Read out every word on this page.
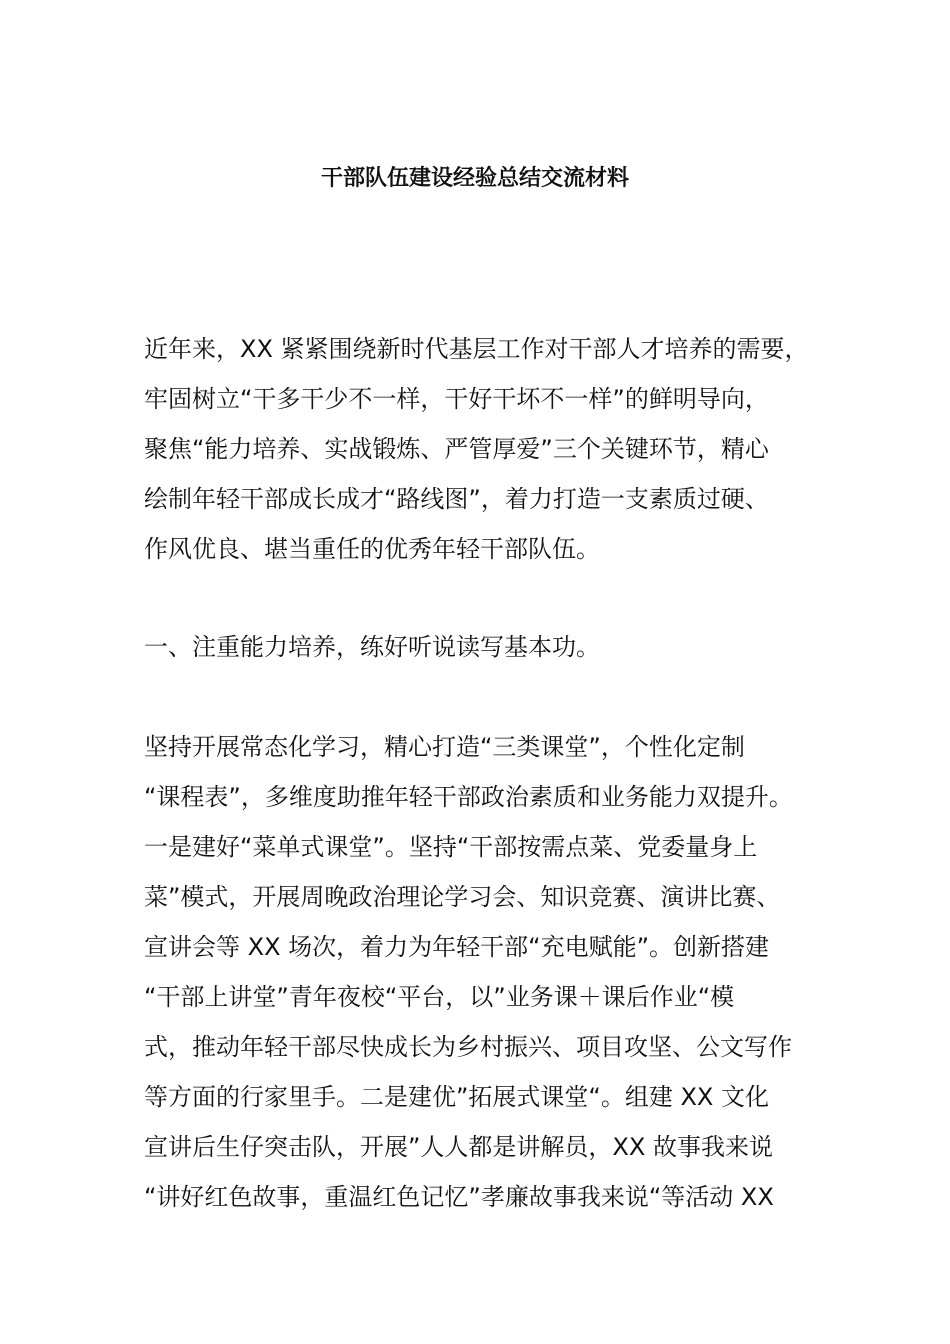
干部队伍建设经验总结交流材料
近年来，XX 紧紧围绕新时代基层工作对干部人才培养的需要，
牢固树立“干多干少不一样，干好干坏不一样”的鲜明导向，
聚焦“能力培养、实战锻炼、严管厚爱”三个关键环节，精心
绘制年轻干部成长成才“路线图”，着力打造一支素质过硬、
作风优良、堪当重任的优秀年轻干部队伍。
一、注重能力培养，练好听说读写基本功。
坚持开展常态化学习，精心打造“三类课堂”，个性化定制
“课程表”，多维度助推年轻干部政治素质和业务能力双提升。
一是建好“菜单式课堂”。坚持“干部按需点菜、党委量身上
菜”模式，开展周晚政治理论学习会、知识竞赛、演讲比赛、
宣讲会等 XX 场次，着力为年轻干部“充电赋能”。创新搭建
“干部上讲堂”青年夜校“平台，以”业务课＋课后作业“模
式，推动年轻干部尽快成长为乡村振兴、项目攻坚、公文写作
等方面的行家里手。二是建优”拓展式课堂“。组建 XX 文化
宣讲后生仔突击队，开展”人人都是讲解员，XX 故事我来说
“讲好红色故事，重温红色记忆”孝廉故事我来说“等活动 XX
